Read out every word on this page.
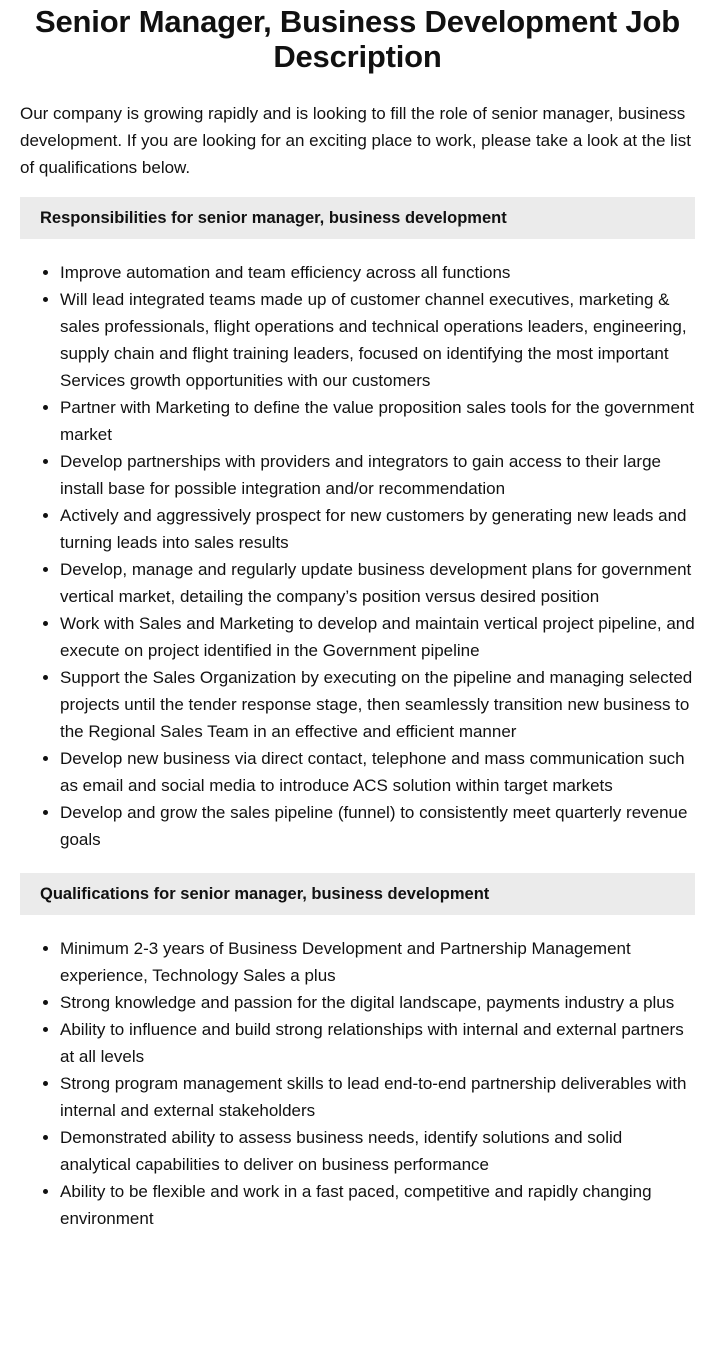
Senior Manager, Business Development Job Description

Our company is growing rapidly and is looking to fill the role of senior manager, business development. If you are looking for an exciting place to work, please take a look at the list of qualifications below.

Responsibilities for senior manager, business development
• Improve automation and team efficiency across all functions
• Will lead integrated teams made up of customer channel executives, marketing & sales professionals, flight operations and technical operations leaders, engineering, supply chain and flight training leaders, focused on identifying the most important Services growth opportunities with our customers
• Partner with Marketing to define the value proposition sales tools for the government market
• Develop partnerships with providers and integrators to gain access to their large install base for possible integration and/or recommendation
• Actively and aggressively prospect for new customers by generating new leads and turning leads into sales results
• Develop, manage and regularly update business development plans for government vertical market, detailing the company’s position versus desired position
• Work with Sales and Marketing to develop and maintain vertical project pipeline, and execute on project identified in the Government pipeline
• Support the Sales Organization by executing on the pipeline and managing selected projects until the tender response stage, then seamlessly transition new business to the Regional Sales Team in an effective and efficient manner
• Develop new business via direct contact, telephone and mass communication such as email and social media to introduce ACS solution within target markets
• Develop and grow the sales pipeline (funnel) to consistently meet quarterly revenue goals
Qualifications for senior manager, business development
• Minimum 2-3 years of Business Development and Partnership Management experience, Technology Sales a plus
• Strong knowledge and passion for the digital landscape, payments industry a plus
• Ability to influence and build strong relationships with internal and external partners at all levels
• Strong program management skills to lead end-to-end partnership deliverables with internal and external stakeholders
• Demonstrated ability to assess business needs, identify solutions and solid analytical capabilities to deliver on business performance
• Ability to be flexible and work in a fast paced, competitive and rapidly changing environment
